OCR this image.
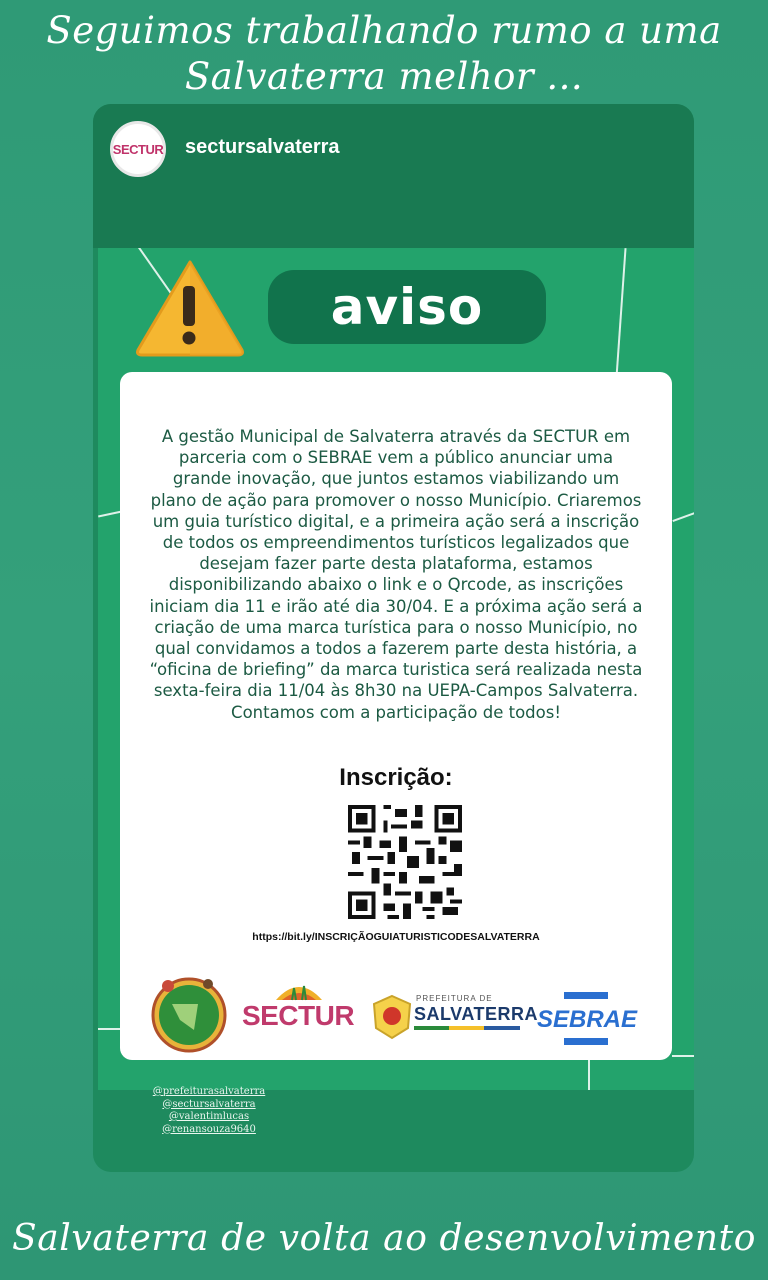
Seguimos trabalhando rumo a uma
Salvaterra melhor ...
SECTUR sectursalvaterra
aviso
A gestão Municipal de Salvaterra através da SECTUR em parceria com o SEBRAE vem a público anunciar uma grande inovação, que juntos estamos viabilizando um plano de ação para promover o nosso Município. Criaremos um guia turístico digital, e a primeira ação será a inscrição de todos os empreendimentos turísticos legalizados que desejam fazer parte desta plataforma, estamos disponibilizando abaixo o link e o Qrcode, as inscrições iniciam dia 11 e irão até dia 30/04. E a próxima ação será a criação de uma marca turística para o nosso Município, no qual convidamos a todos a fazerem parte desta história, a “oficina de briefing” da marca turistica será realizada nesta sexta-feira dia 11/04 às 8h30 na UEPA-Campos Salvaterra. Contamos com a participação de todos!
Inscrição:
https://bit.ly/INSCRIÇÃOGUIATURISTICODESALVATERRA
SECTUR
PREFEITURA DE
SALVATERRA
SEBRAE
@prefeiturasalvaterra
@sectursalvaterra
@valentimlucas
@renansouza9640
Salvaterra de volta ao desenvolvimento
